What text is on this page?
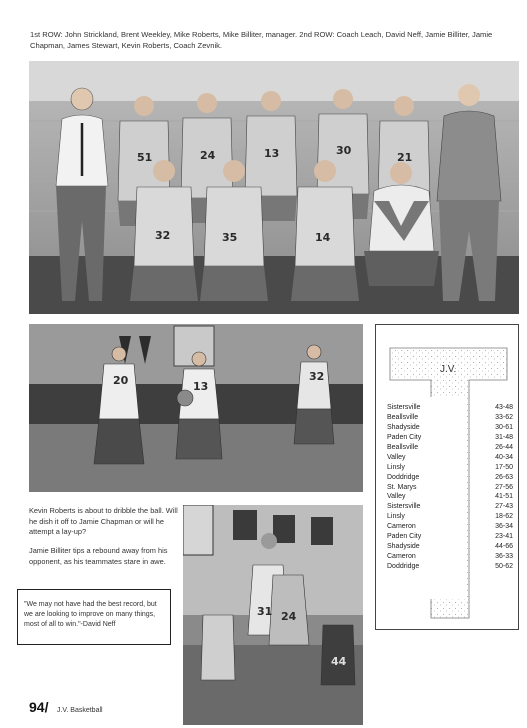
1st ROW: John Strickland, Brent Weekley, Mike Roberts, Mike Billiter, manager. 2nd ROW: Coach Leach, David Neff, Jamie Billiter, Jamie Chapman, James Stewart, Kevin Roberts, Coach Zevnik.
51	24	13	30
21
32	35	14
20	13
32
31 24
44
Kevin Roberts is about to dribble the ball. Will he dish it off to Jamie Chapman or will he attempt a lay-up?
Jamie Billiter tips a rebound away from his opponent, as his teammates stare in awe.
"We may not have had the best record, but we are looking to improve on many things, most of all to win."-David Neff
94/ J.V. Basketball
J.V.
Sistersville	43-48
Beallsville	33-62
Shadyside	30-61
Paden City	31-48
Beallsville	26-44
Valley	40-34
Linsly	17-50
Doddridge	26-63
St. Marys	27-56
Valley	41-51
Sistersville	27-43
Linsly	18-62
Cameron	36-34
Paden City	23-41
Shadyside	44-66
Cameron	36-33
Doddridge	50-62
